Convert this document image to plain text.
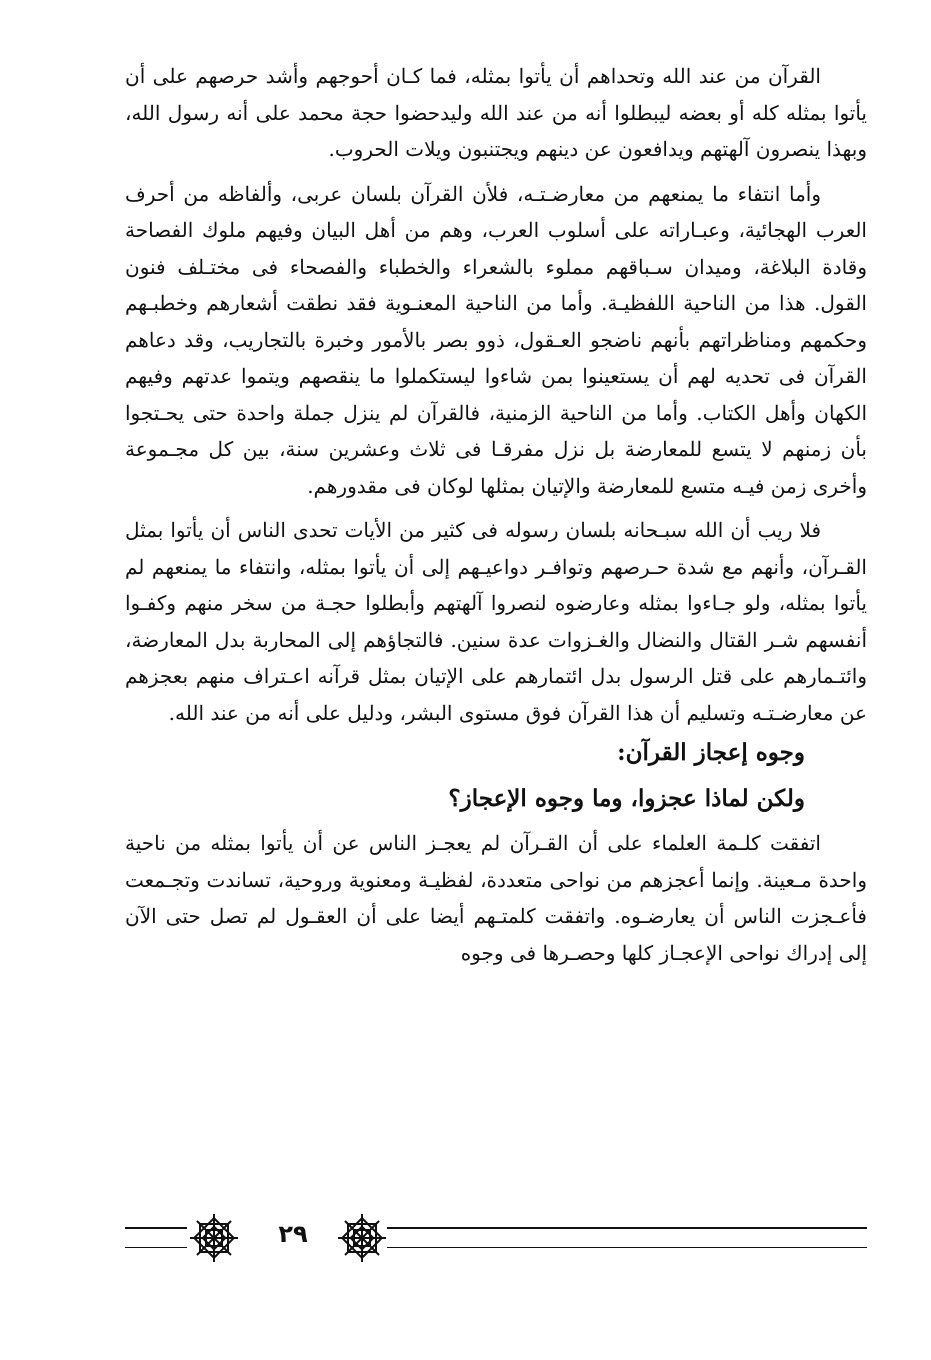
القرآن من عند الله وتحداهم أن يأتوا بمثله، فما كـان أحوجهم وأشد حرصهم على أن يأتوا بمثله كله أو بعضه ليبطلوا أنه من عند الله وليدحضوا حجة محمد على أنه رسول الله، وبهذا ينصرون آلهتهم ويدافعون عن دينهم ويجتنبون ويلات الحروب.

وأما انتفاء ما يمنعهم من معارضـتـه، فلأن القرآن بلسان عربى، وألفاظه من أحرف العرب الهجائية، وعبـاراته على أسلوب العرب، وهم من أهل البيان وفيهم ملوك الفصاحة وقادة البلاغة، وميدان سـباقهم مملوء بالشعراء والخطباء والفصحاء فى مختـلف فنون القول. هذا من الناحية اللفظيـة. وأما من الناحية المعنـوية فقد نطقت أشعارهم وخطبـهم وحكمهم ومناظراتهم بأنهم ناضجو العـقول، ذوو بصر بالأمور وخبرة بالتجاريب، وقد دعاهم القرآن فى تحديه لهم أن يستعينوا بمن شاءوا ليستكملوا ما ينقصهم ويتموا عدتهم وفيهم الكهان وأهل الكتاب. وأما من الناحية الزمنية، فالقرآن لم ينزل جملة واحدة حتى يحـتجوا بأن زمنهم لا يتسع للمعارضة بل نزل مفرقـا فى ثلاث وعشرين سنة، بين كل مجـموعة وأخرى زمن فيـه متسع للمعارضة والإتيان بمثلها لوكان فى مقدورهم.

فلا ريب أن الله سبـحانه بلسان رسوله فى كثير من الأيات تحدى الناس أن يأتوا بمثل القـرآن، وأنهم مع شدة حـرصهم وتوافـر دواعيـهم إلى أن يأتوا بمثله، وانتفاء ما يمنعهم لم يأتوا بمثله، ولو جـاءوا بمثله وعارضوه لنصروا آلهتهم وأبطلوا حجـة من سخر منهم وكفـوا أنفسهم شـر القتال والنضال والغـزوات عدة سنين. فالتجاؤهم إلى المحاربة بدل المعارضة، وائتـمارهم على قتل الرسول بدل ائتمارهم على الإتيان بمثل قرآنه اعـتراف منهم بعجزهم عن معارضـتـه وتسليم أن هذا القرآن فوق مستوى البشر، ودليل على أنه من عند الله.

وجوه إعجاز القرآن:
ولكن لماذا عجزوا، وما وجوه الإعجاز؟

اتفقت كلـمة العلماء على أن القـرآن لم يعجـز الناس عن أن يأتوا بمثله من ناحية واحدة مـعينة. وإنما أعجزهم من نواحى متعددة، لفظيـة ومعنوية وروحية، تساندت وتجـمعت فأعـجزت الناس أن يعارضـوه. واتفقت كلمتـهم أيضا على أن العقـول لم تصل حتى الآن إلى إدراك نواحى الإعجـاز كلها وحصـرها فى وجوه

٢٩
